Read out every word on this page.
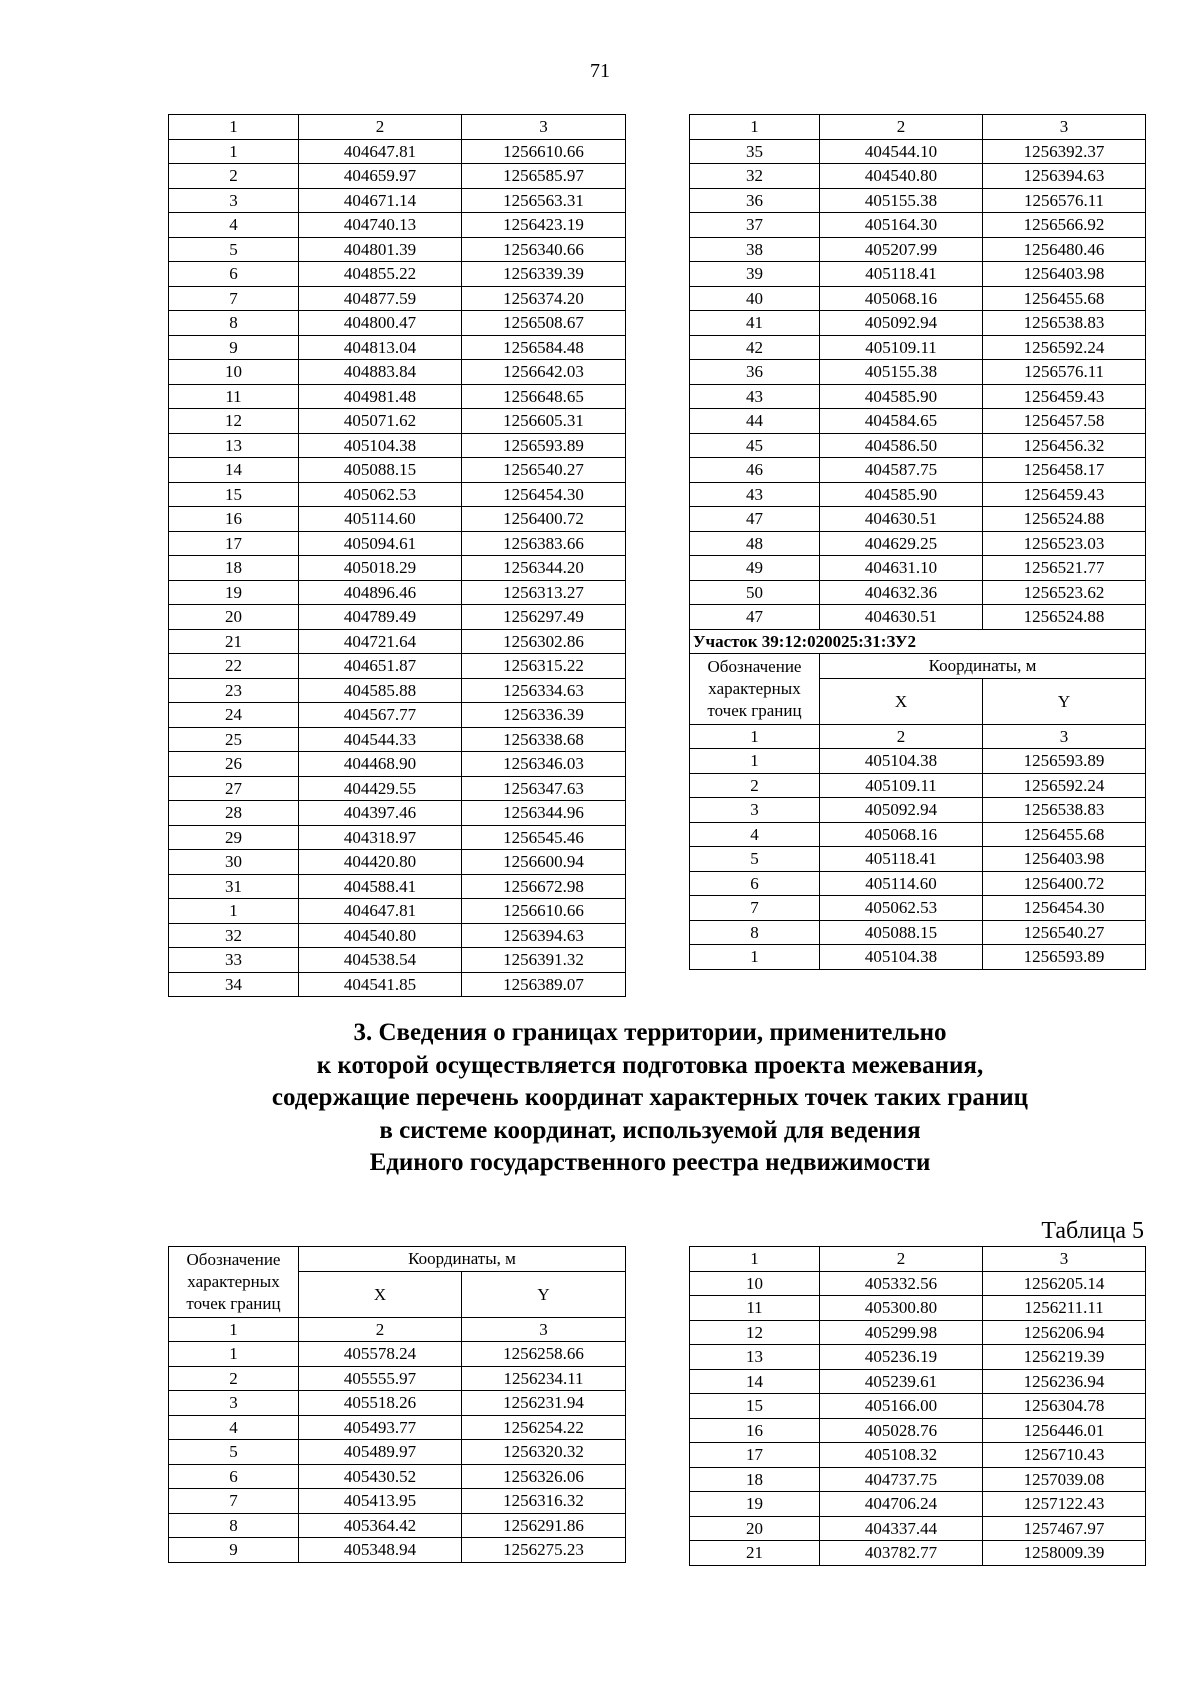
71
1	2	3
1	404647.81	1256610.66
2	404659.97	1256585.97
3	404671.14	1256563.31
4	404740.13	1256423.19
5	404801.39	1256340.66
6	404855.22	1256339.39
7	404877.59	1256374.20
8	404800.47	1256508.67
9	404813.04	1256584.48
10	404883.84	1256642.03
11	404981.48	1256648.65
12	405071.62	1256605.31
13	405104.38	1256593.89
14	405088.15	1256540.27
15	405062.53	1256454.30
16	405114.60	1256400.72
17	405094.61	1256383.66
18	405018.29	1256344.20
19	404896.46	1256313.27
20	404789.49	1256297.49
21	404721.64	1256302.86
22	404651.87	1256315.22
23	404585.88	1256334.63
24	404567.77	1256336.39
25	404544.33	1256338.68
26	404468.90	1256346.03
27	404429.55	1256347.63
28	404397.46	1256344.96
29	404318.97	1256545.46
30	404420.80	1256600.94
31	404588.41	1256672.98
1	404647.81	1256610.66
32	404540.80	1256394.63
33	404538.54	1256391.32
34	404541.85	1256389.07
1	2	3
35	404544.10	1256392.37
32	404540.80	1256394.63
36	405155.38	1256576.11
37	405164.30	1256566.92
38	405207.99	1256480.46
39	405118.41	1256403.98
40	405068.16	1256455.68
41	405092.94	1256538.83
42	405109.11	1256592.24
36	405155.38	1256576.11
43	404585.90	1256459.43
44	404584.65	1256457.58
45	404586.50	1256456.32
46	404587.75	1256458.17
43	404585.90	1256459.43
47	404630.51	1256524.88
48	404629.25	1256523.03
49	404631.10	1256521.77
50	404632.36	1256523.62
47	404630.51	1256524.88
Участок 39:12:020025:31:ЗУ2		
Обозначение характерных точек границ	Координаты, м	
	X	Y
1	2	3
1	405104.38	1256593.89
2	405109.11	1256592.24
3	405092.94	1256538.83
4	405068.16	1256455.68
5	405118.41	1256403.98
6	405114.60	1256400.72
7	405062.53	1256454.30
8	405088.15	1256540.27
1	405104.38	1256593.89
3. Сведения о границах территории, применительно
к которой осуществляется подготовка проекта межевания,
содержащие перечень координат характерных точек таких границ
в системе координат, используемой для ведения
Единого государственного реестра недвижимости
Таблица 5
Обозначение характерных точек границ	Координаты, м	
	X	Y
1	2	3
1	405578.24	1256258.66
2	405555.97	1256234.11
3	405518.26	1256231.94
4	405493.77	1256254.22
5	405489.97	1256320.32
6	405430.52	1256326.06
7	405413.95	1256316.32
8	405364.42	1256291.86
9	405348.94	1256275.23
1	2	3
10	405332.56	1256205.14
11	405300.80	1256211.11
12	405299.98	1256206.94
13	405236.19	1256219.39
14	405239.61	1256236.94
15	405166.00	1256304.78
16	405028.76	1256446.01
17	405108.32	1256710.43
18	404737.75	1257039.08
19	404706.24	1257122.43
20	404337.44	1257467.97
21	403782.77	1258009.39
